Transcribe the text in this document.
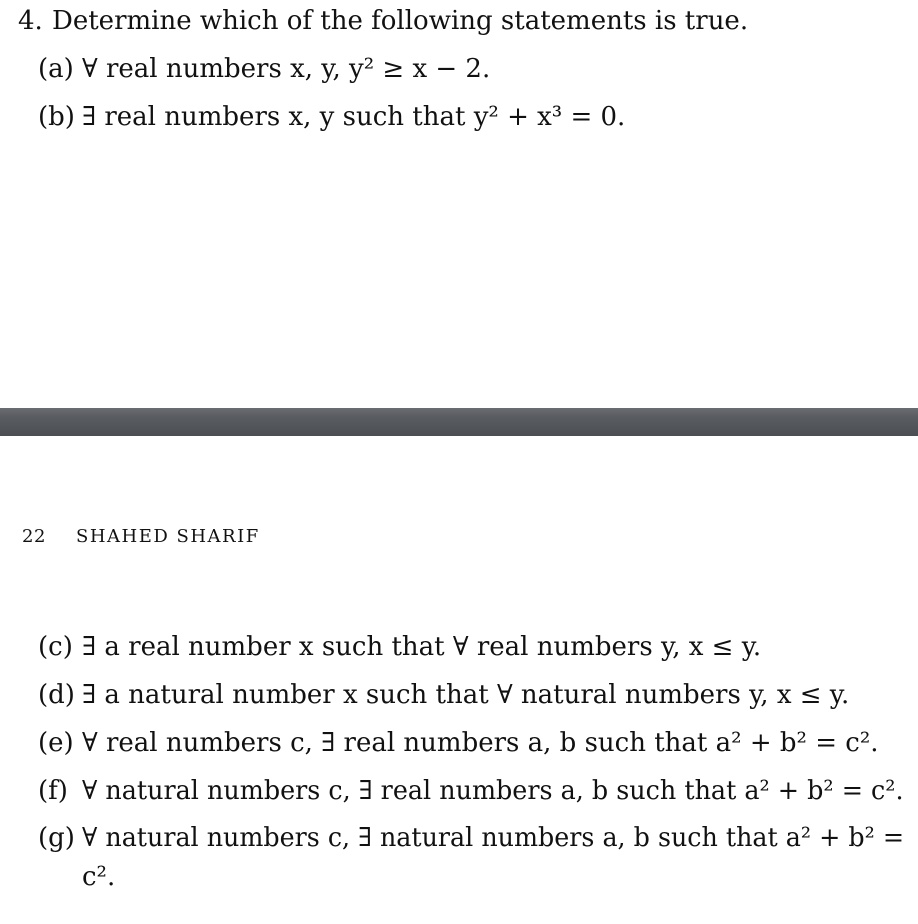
4. Determine which of the following statements is true.
(a) ∀ real numbers x, y, y² ≥ x − 2.
(b) ∃ real numbers x, y such that y² + x³ = 0.
22 SHAHED SHARIF
(c) ∃ a real number x such that ∀ real numbers y, x ≤ y.
(d) ∃ a natural number x such that ∀ natural numbers y, x ≤ y.
(e) ∀ real numbers c, ∃ real numbers a, b such that a² + b² = c².
(f) ∀ natural numbers c, ∃ real numbers a, b such that a² + b² = c².
(g) ∀ natural numbers c, ∃ natural numbers a, b such that a² + b² =
c².
